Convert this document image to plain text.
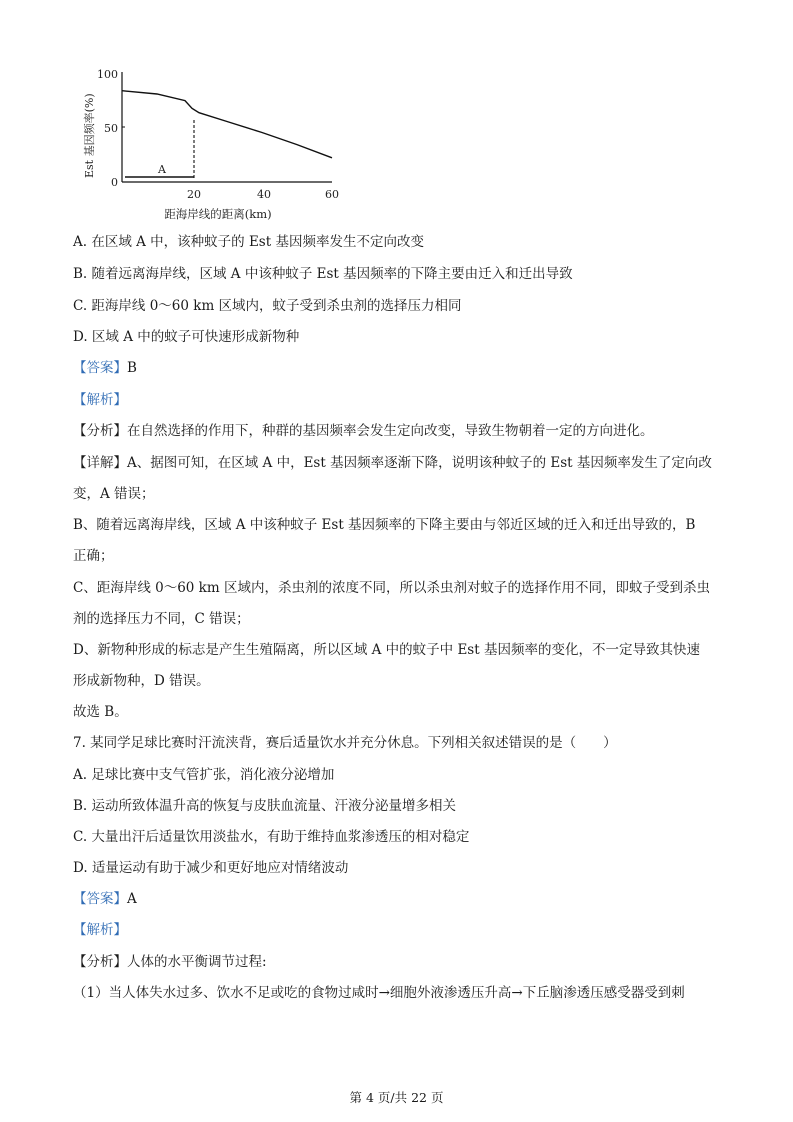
Est 基因频率(%)
100
50
0
A
20	40	60
距海岸线的距离(km)
A. 在区域 A 中，该种蚊子的 Est 基因频率发生不定向改变
B. 随着远离海岸线，区域 A 中该种蚊子 Est 基因频率的下降主要由迁入和迁出导致
C. 距海岸线 0～60 km 区域内，蚊子受到杀虫剂的选择压力相同
D. 区域 A 中的蚊子可快速形成新物种
【答案】B
【解析】
【分析】在自然选择的作用下，种群的基因频率会发生定向改变，导致生物朝着一定的方向进化。
【详解】A、据图可知，在区域 A 中，Est 基因频率逐渐下降，说明该种蚊子的 Est 基因频率发生了定向改
变，A 错误；
B、随着远离海岸线，区域 A 中该种蚊子 Est 基因频率的下降主要由与邻近区域的迁入和迁出导致的，B
正确；
C、距海岸线 0～60 km 区域内，杀虫剂的浓度不同，所以杀虫剂对蚊子的选择作用不同，即蚊子受到杀虫
剂的选择压力不同，C 错误；
D、新物种形成的标志是产生生殖隔离，所以区域 A 中的蚊子中 Est 基因频率的变化，不一定导致其快速
形成新物种，D 错误。
故选 B。
7. 某同学足球比赛时汗流浃背，赛后适量饮水并充分休息。下列相关叙述错误的是（　　）
A. 足球比赛中支气管扩张，消化液分泌增加
B. 运动所致体温升高的恢复与皮肤血流量、汗液分泌量增多相关
C. 大量出汗后适量饮用淡盐水，有助于维持血浆渗透压的相对稳定
D. 适量运动有助于减少和更好地应对情绪波动
【答案】A
【解析】
【分析】人体的水平衡调节过程:
（1）当人体失水过多、饮水不足或吃的食物过咸时→细胞外液渗透压升高→下丘脑渗透压感受器受到刺
第 4 页/共 22 页
